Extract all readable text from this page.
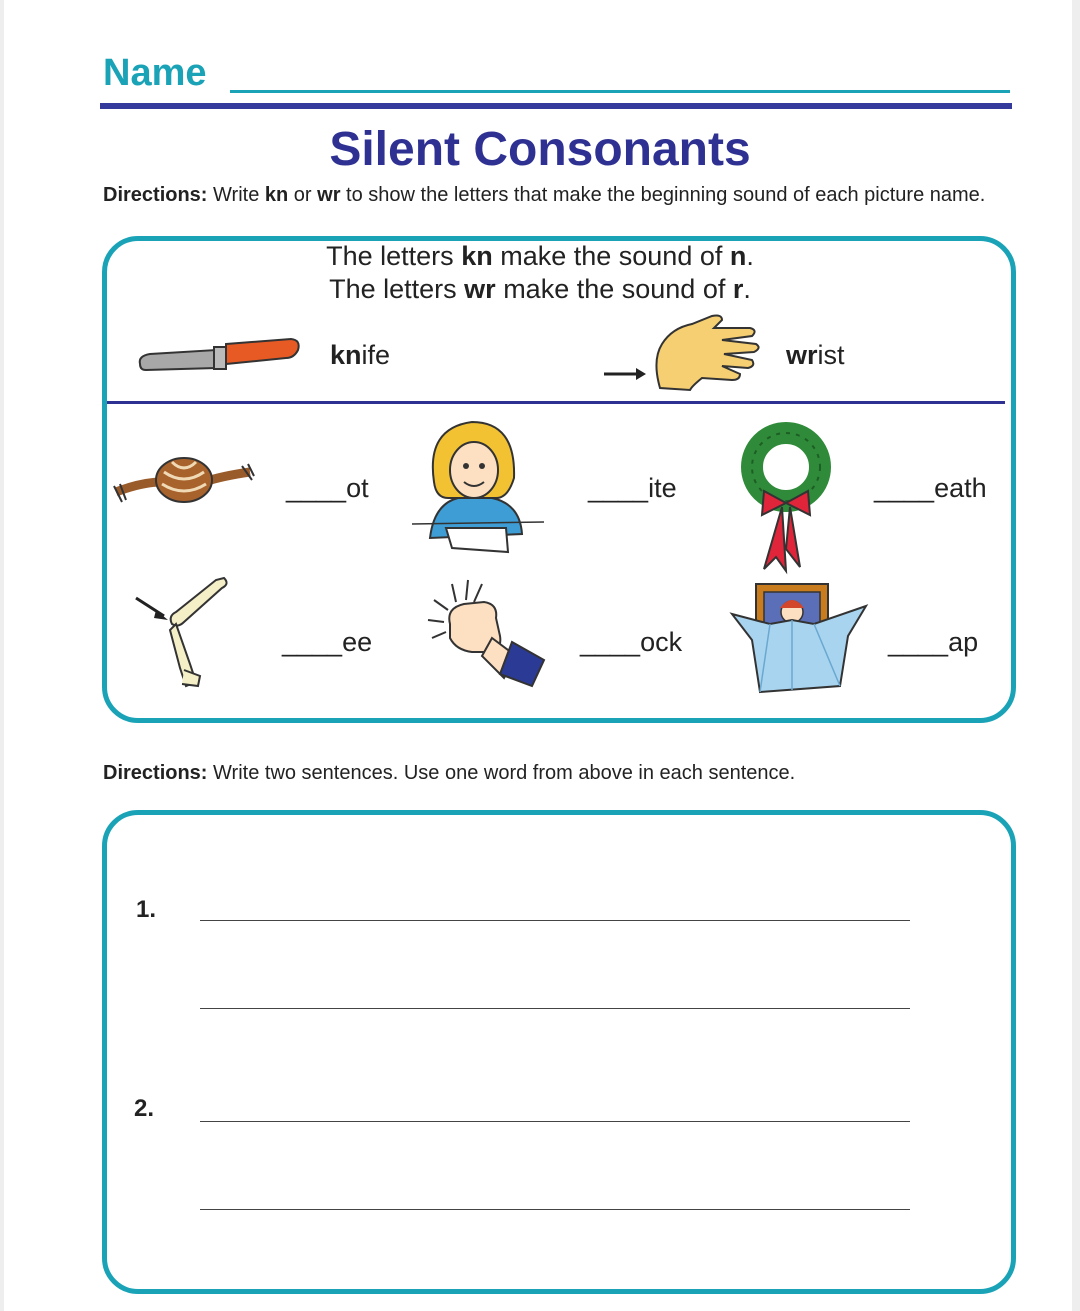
Name
Silent Consonants
Directions: Write kn or wr to show the letters that make the beginning sound of each picture name.
The letters kn make the sound of n.
The letters wr make the sound of r.
knife	wrist
____ot	____ite	____eath
____ee	____ock	____ap
Directions: Write two sentences. Use one word from above in each sentence.
1.
2.
